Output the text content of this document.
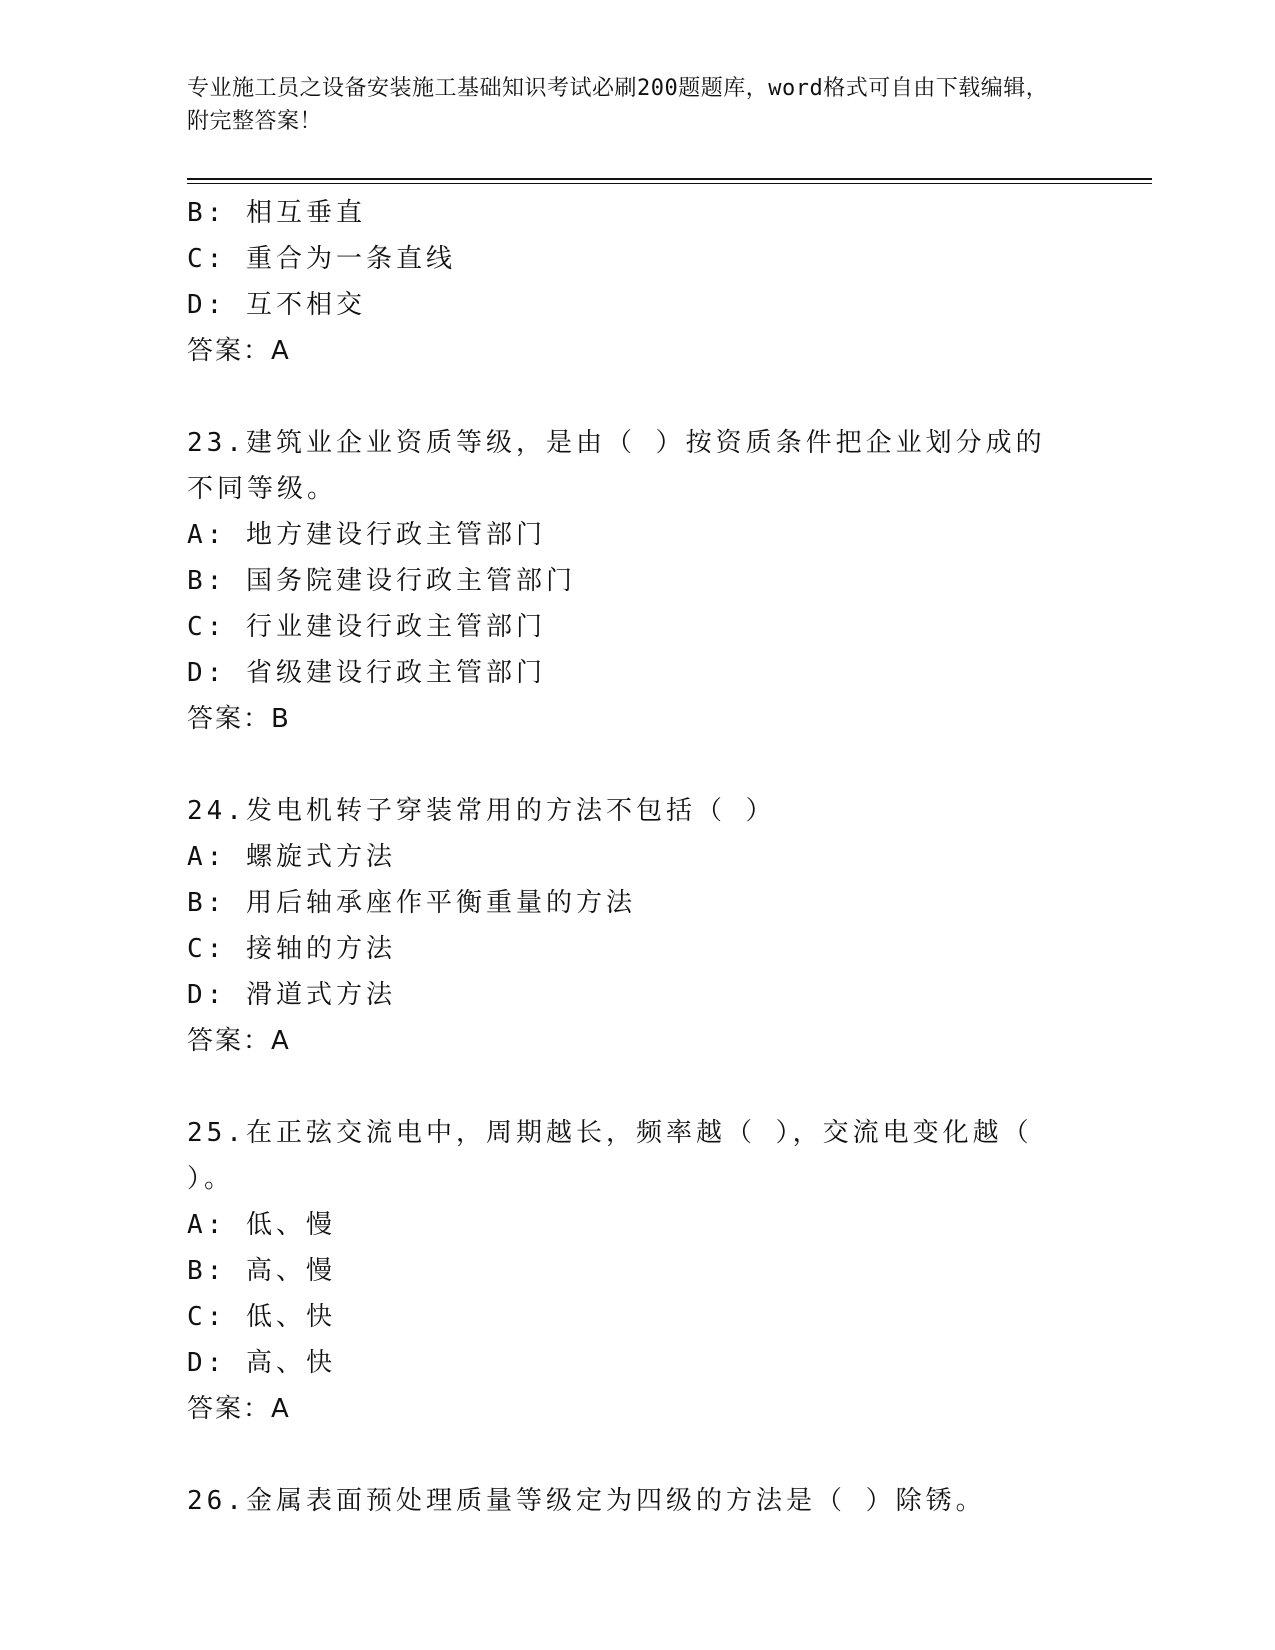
专业施工员之设备安装施工基础知识考试必刷200题题库，word格式可自由下载编辑，附完整答案！
B: 相互垂直
C: 重合为一条直线
D: 互不相交
答案：A
23.建筑业企业资质等级，是由（ ）按资质条件把企业划分成的不同等级。
A: 地方建设行政主管部门
B: 国务院建设行政主管部门
C: 行业建设行政主管部门
D: 省级建设行政主管部门
答案：B
24.发电机转子穿装常用的方法不包括（ ）
A: 螺旋式方法
B: 用后轴承座作平衡重量的方法
C: 接轴的方法
D: 滑道式方法
答案：A
25.在正弦交流电中，周期越长，频率越（ ），交流电变化越（ ）。
A: 低、慢
B: 高、慢
C: 低、快
D: 高、快
答案：A
26.金属表面预处理质量等级定为四级的方法是（ ）除锈。
